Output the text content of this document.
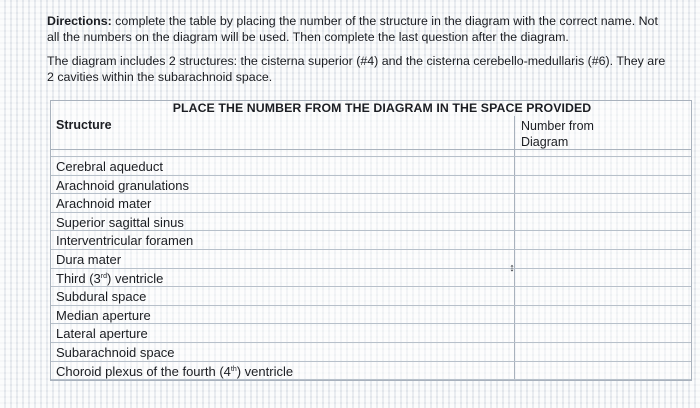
Directions: complete the table by placing the number of the structure in the diagram with the correct name. Not all the numbers on the diagram will be used. Then complete the last question after the diagram.

The diagram includes 2 structures: the cisterna superior (#4) and the cisterna cerebello-medullaris (#6). They are 2 cavities within the subarachnoid space.

PLACE THE NUMBER FROM THE DIAGRAM IN THE SPACE PROVIDED
Structure	Number from Diagram
Cerebral aqueduct
Arachnoid granulations
Arachnoid mater
Superior sagittal sinus
Interventricular foramen
Dura mater
Third (3rd) ventricle
Subdural space
Median aperture
Lateral aperture
Subarachnoid space
Choroid plexus of the fourth (4th) ventricle
↕
